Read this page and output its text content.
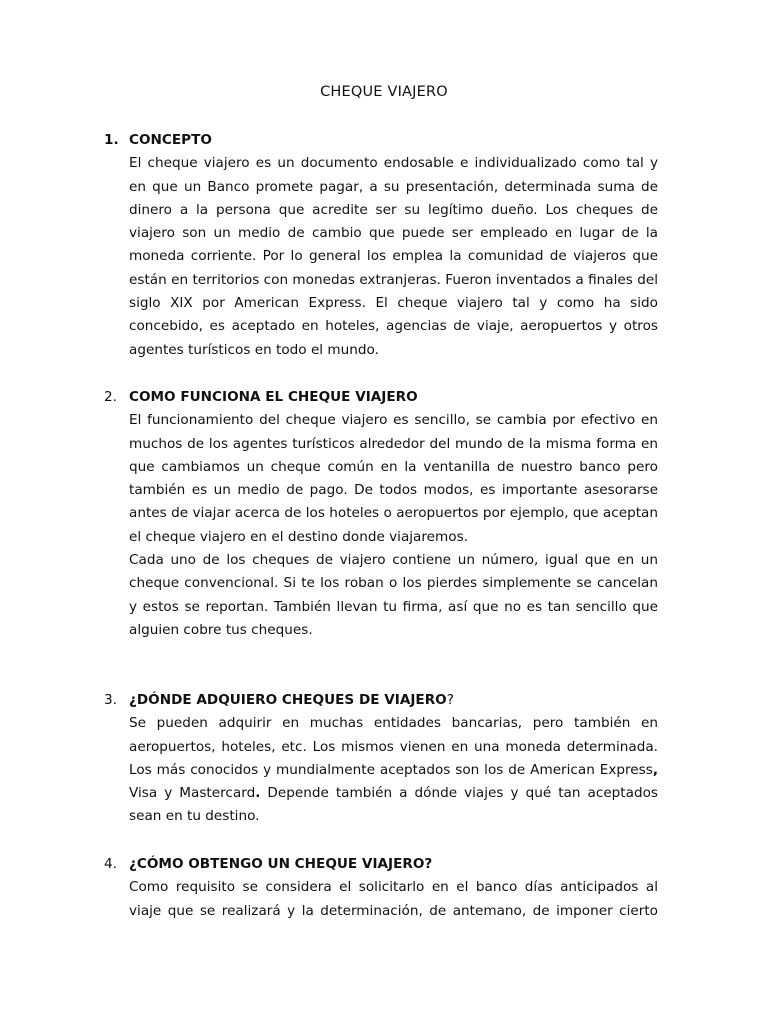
CHEQUE VIAJERO
1. CONCEPTO

El cheque viajero es un documento endosable e individualizado como tal y en que un Banco promete pagar, a su presentación, determinada suma de dinero a la persona que acredite ser su legítimo dueño. Los cheques de viajero son un medio de cambio que puede ser empleado en lugar de la moneda corriente. Por lo general los emplea la comunidad de viajeros que están en territorios con monedas extranjeras. Fueron inventados a finales del siglo XIX por American Express. El cheque viajero tal y como ha sido concebido, es aceptado en hoteles, agencias de viaje, aeropuertos y otros agentes turísticos en todo el mundo.

2. COMO FUNCIONA EL CHEQUE VIAJERO

El funcionamiento del cheque viajero es sencillo, se cambia por efectivo en muchos de los agentes turísticos alrededor del mundo de la misma forma en que cambiamos un cheque común en la ventanilla de nuestro banco pero también es un medio de pago. De todos modos, es importante asesorarse antes de viajar acerca de los hoteles o aeropuertos por ejemplo, que aceptan el cheque viajero en el destino donde viajaremos.

Cada uno de los cheques de viajero contiene un número, igual que en un cheque convencional. Si te los roban o los pierdes simplemente se cancelan y estos se reportan. También llevan tu firma, así que no es tan sencillo que alguien cobre tus cheques.

3. ¿DÓNDE ADQUIERO CHEQUES DE VIAJERO?

Se pueden adquirir en muchas entidades bancarias, pero también en aeropuertos, hoteles, etc. Los mismos vienen en una moneda determinada. Los más conocidos y mundialmente aceptados son los de American Express, Visa y Mastercard. Depende también a dónde viajes y qué tan aceptados sean en tu destino.

4. ¿CÓMO OBTENGO UN CHEQUE VIAJERO?

Como requisito se considera el solicitarlo en el banco días anticipados al viaje que se realizará y la determinación, de antemano, de imponer cierto
